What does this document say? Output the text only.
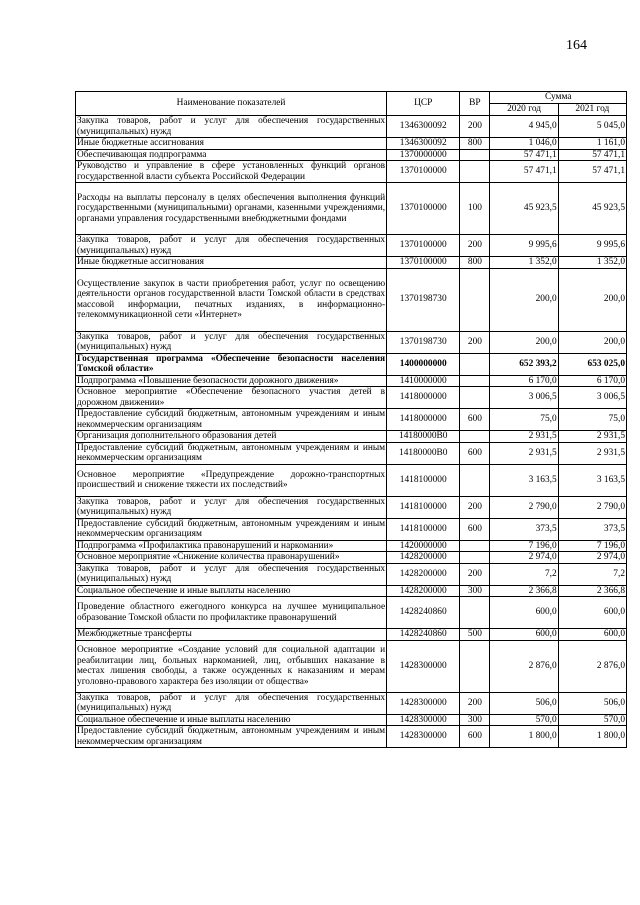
164
Наименование показателей	ЦСР	ВР	Сумма	
			2020 год	2021 год
Закупка товаров, работ и услуг для обеспечения государственных (муниципальных) нужд	1346300092	200	4 945,0	5 045,0
Иные бюджетные ассигнования	1346300092	800	1 046,0	1 161,0
Обеспечивающая подпрограмма	1370000000		57 471,1	57 471,1
Руководство и управление в сфере установленных функций органов государственной власти субъекта Российской Федерации	1370100000		57 471,1	57 471,1
Расходы на выплаты персоналу в целях обеспечения выполнения функций государственными (муниципальными) органами, казенными учреждениями, органами управления государственными внебюджетными фондами	1370100000	100	45 923,5	45 923,5
Закупка товаров, работ и услуг для обеспечения государственных (муниципальных) нужд	1370100000	200	9 995,6	9 995,6
Иные бюджетные ассигнования	1370100000	800	1 352,0	1 352,0
Осуществление закупок в части приобретения работ, услуг по освещению деятельности органов государственной власти Томской области в средствах массовой информации, печатных изданиях, в информационно-телекоммуникационной сети «Интернет»	1370198730		200,0	200,0
Закупка товаров, работ и услуг для обеспечения государственных (муниципальных) нужд	1370198730	200	200,0	200,0
Государственная программа «Обеспечение безопасности населения Томской области»	1400000000		652 393,2	653 025,0
Подпрограмма «Повышение безопасности дорожного движения»	1410000000		6 170,0	6 170,0
Основное мероприятие «Обеспечение безопасного участия детей в дорожном движении»	1418000000		3 006,5	3 006,5
Предоставление субсидий бюджетным, автономным учреждениям и иным некоммерческим организациям	1418000000	600	75,0	75,0
Организация дополнительного образования детей	14180000В0		2 931,5	2 931,5
Предоставление субсидий бюджетным, автономным учреждениям и иным некоммерческим организациям	14180000В0	600	2 931,5	2 931,5
Основное мероприятие «Предупреждение дорожно-транспортных происшествий и снижение тяжести их последствий»	1418100000		3 163,5	3 163,5
Закупка товаров, работ и услуг для обеспечения государственных (муниципальных) нужд	1418100000	200	2 790,0	2 790,0
Предоставление субсидий бюджетным, автономным учреждениям и иным некоммерческим организациям	1418100000	600	373,5	373,5
Подпрограмма «Профилактика правонарушений и наркомании»	1420000000		7 196,0	7 196,0
Основное мероприятие «Снижение количества правонарушений»	1428200000		2 974,0	2 974,0
Закупка товаров, работ и услуг для обеспечения государственных (муниципальных) нужд	1428200000	200	7,2	7,2
Социальное обеспечение и иные выплаты населению	1428200000	300	2 366,8	2 366,8
Проведение областного ежегодного конкурса на лучшее муниципальное образование Томской области по профилактике правонарушений	1428240860		600,0	600,0
Межбюджетные трансферты	1428240860	500	600,0	600,0
Основное мероприятие «Создание условий для социальной адаптации и реабилитации лиц, больных наркоманией, лиц, отбывших наказание в местах лишения свободы, а также осужденных к наказаниям и мерам уголовно-правового характера без изоляции от общества»	1428300000		2 876,0	2 876,0
Закупка товаров, работ и услуг для обеспечения государственных (муниципальных) нужд	1428300000	200	506,0	506,0
Социальное обеспечение и иные выплаты населению	1428300000	300	570,0	570,0
Предоставление субсидий бюджетным, автономным учреждениям и иным некоммерческим организациям	1428300000	600	1 800,0	1 800,0
